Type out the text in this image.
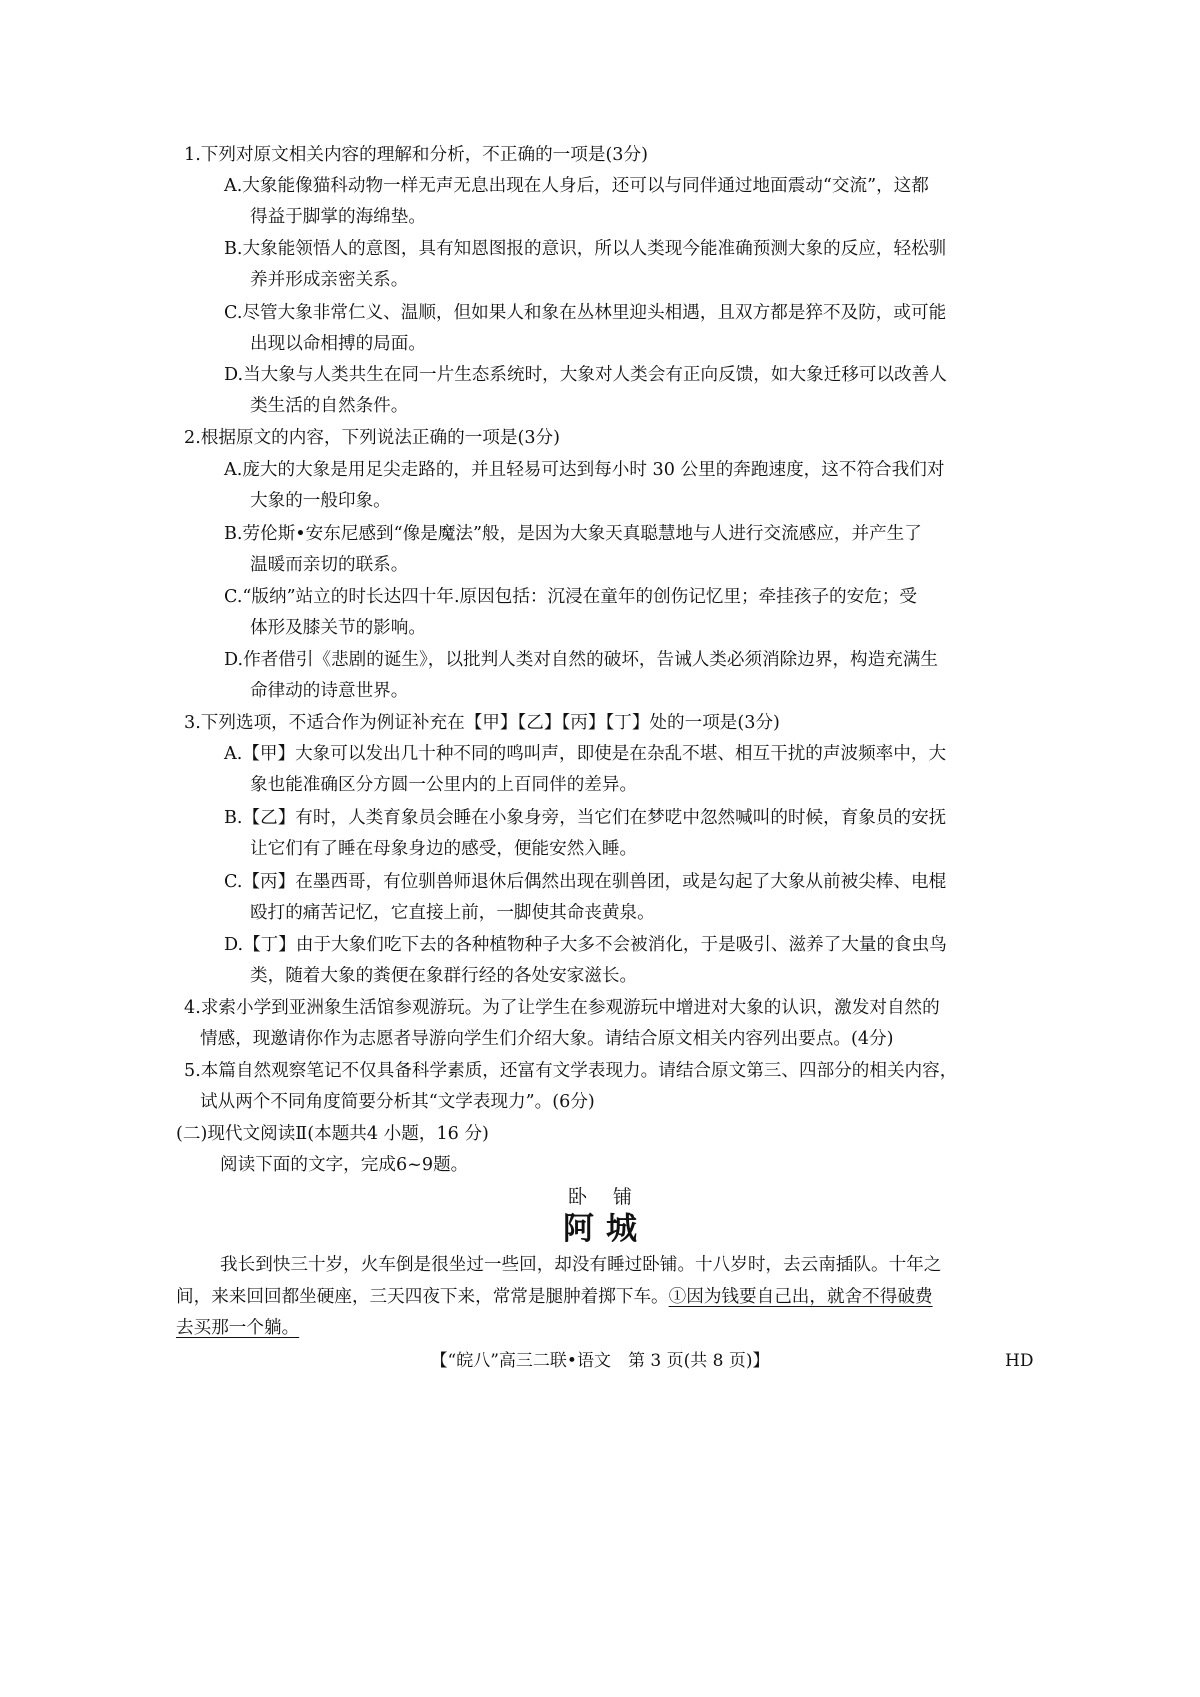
1.下列对原文相关内容的理解和分析，不正确的一项是(3分)
A.大象能像猫科动物一样无声无息出现在人身后，还可以与同伴通过地面震动“交流”，这都
得益于脚掌的海绵垫。
B.大象能领悟人的意图，具有知恩图报的意识，所以人类现今能准确预测大象的反应，轻松驯
养并形成亲密关系。
C.尽管大象非常仁义、温顺，但如果人和象在丛林里迎头相遇，且双方都是猝不及防，或可能
出现以命相搏的局面。
D.当大象与人类共生在同一片生态系统时，大象对人类会有正向反馈，如大象迁移可以改善人
类生活的自然条件。
2.根据原文的内容，下列说法正确的一项是(3分)
A.庞大的大象是用足尖走路的，并且轻易可达到每小时 30 公里的奔跑速度，这不符合我们对
大象的一般印象。
B.劳伦斯•安东尼感到“像是魔法”般，是因为大象天真聪慧地与人进行交流感应，并产生了
温暖而亲切的联系。
C.“版纳”站立的时长达四十年.原因包括：沉浸在童年的创伤记忆里；牵挂孩子的安危；受
体形及膝关节的影响。
D.作者借引《悲剧的诞生》，以批判人类对自然的破坏，告诫人类必须消除边界，构造充满生
命律动的诗意世界。
3.下列选项，不适合作为例证补充在【甲】【乙】【丙】【丁】处的一项是(3分)
A.【甲】大象可以发出几十种不同的鸣叫声，即使是在杂乱不堪、相互干扰的声波频率中，大
象也能准确区分方圆一公里内的上百同伴的差异。
B.【乙】有时，人类育象员会睡在小象身旁，当它们在梦呓中忽然喊叫的时候，育象员的安抚
让它们有了睡在母象身边的感受，便能安然入睡。
C.【丙】在墨西哥，有位驯兽师退休后偶然出现在驯兽团，或是勾起了大象从前被尖棒、电棍
殴打的痛苦记忆，它直接上前，一脚使其命丧黄泉。
D.【丁】由于大象们吃下去的各种植物种子大多不会被消化，于是吸引、滋养了大量的食虫鸟
类，随着大象的粪便在象群行经的各处安家滋长。
4.求索小学到亚洲象生活馆参观游玩。为了让学生在参观游玩中增进对大象的认识，激发对自然的
情感，现邀请你作为志愿者导游向学生们介绍大象。请结合原文相关内容列出要点。(4分)
5.本篇自然观察笔记不仅具备科学素质，还富有文学表现力。请结合原文第三、四部分的相关内容，
试从两个不同角度简要分析其“文学表现力”。(6分)
(二)现代文阅读Ⅱ(本题共4 小题，16 分)
阅读下面的文字，完成6~9题。
卧铺
阿城
我长到快三十岁，火车倒是很坐过一些回，却没有睡过卧铺。十八岁时，去云南插队。十年之
间，来来回回都坐硬座，三天四夜下来，常常是腿肿着掷下车。①因为钱要自己出，就舍不得破费
去买那一个躺。
【“皖八”高三二联•语文　第 3 页(共 8 页)】	HD
